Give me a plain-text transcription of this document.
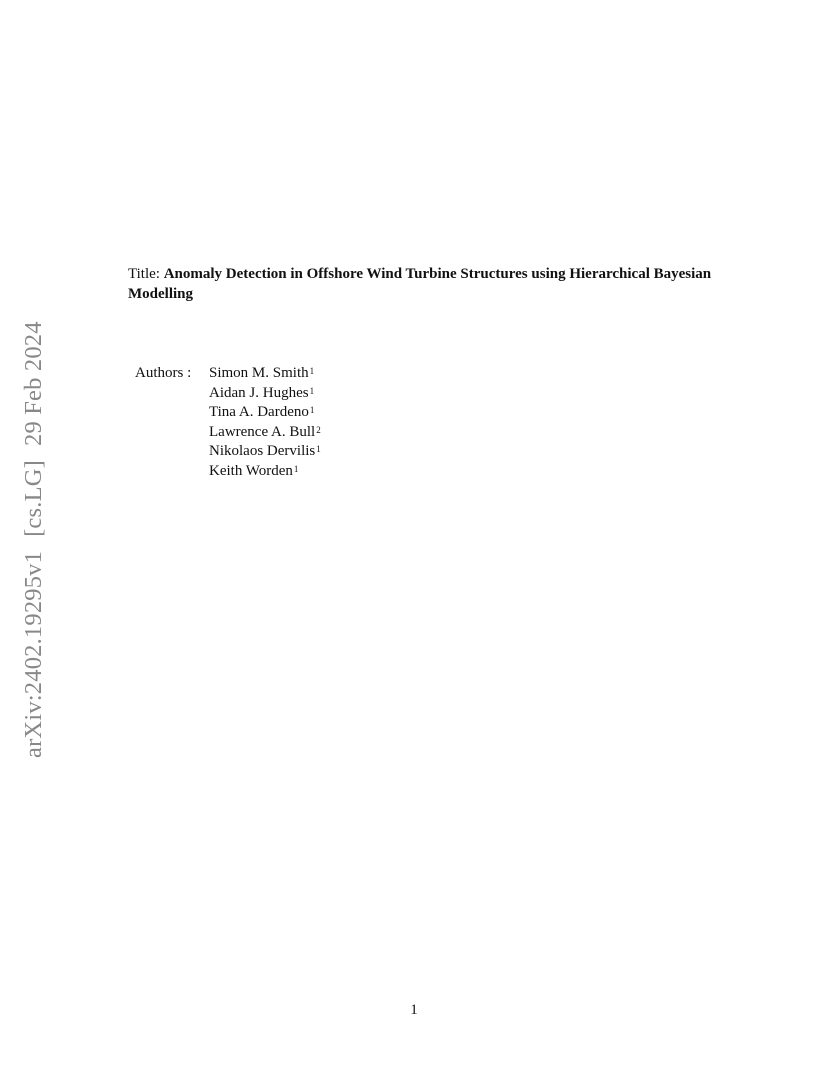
arXiv:2402.19295v1[cs.LG]29 Feb 2024
Title: Anomaly Detection in Offshore Wind Turbine Structures using Hierarchical Bayesian Modelling
Authors :	Simon M. Smith$^1$
Aidan J. Hughes$^1$
Tina A. Dardeno$^1$
Lawrence A. Bull$^2$
Nikolaos Dervilis$^1$
Keith Worden$^1$
1
